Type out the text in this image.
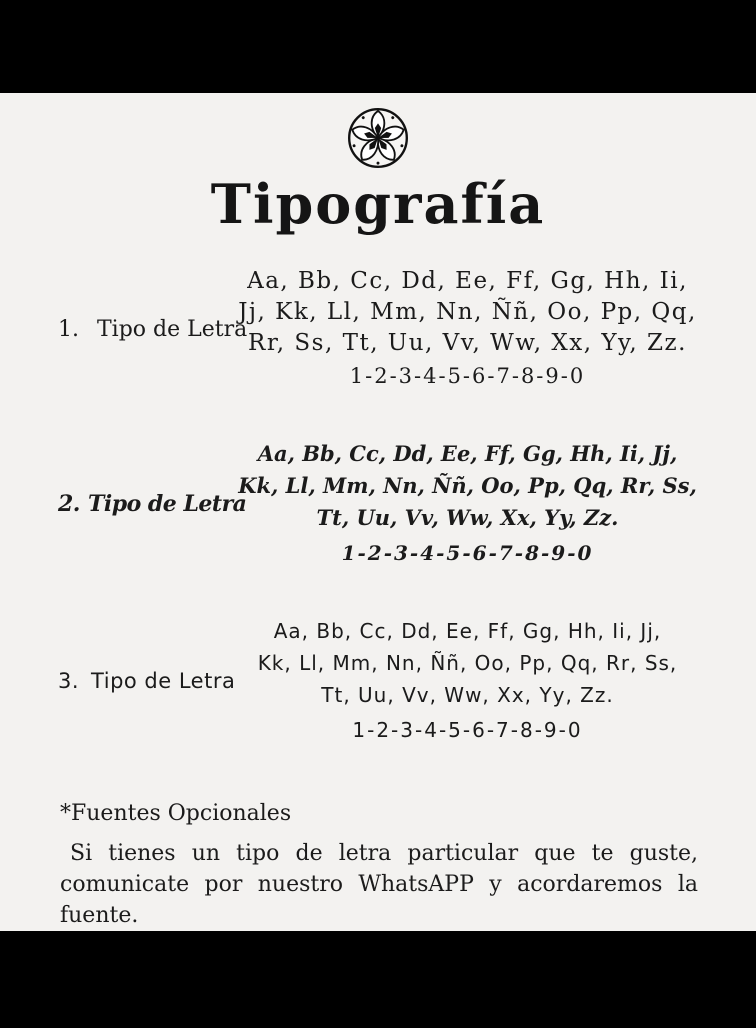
Tipografía
1. Tipo de Letra
Aa, Bb, Cc, Dd, Ee, Ff, Gg, Hh, Ii,
Jj, Kk, Ll, Mm, Nn, Ññ, Oo, Pp, Qq,
Rr, Ss, Tt, Uu, Vv, Ww, Xx, Yy, Zz.
1-2-3-4-5-6-7-8-9-0
2. Tipo de Letra
Aa, Bb, Cc, Dd, Ee, Ff, Gg, Hh, Ii, Jj,
Kk, Ll, Mm, Nn, Ññ, Oo, Pp, Qq, Rr, Ss,
Tt, Uu, Vv, Ww, Xx, Yy, Zz.
1-2-3-4-5-6-7-8-9-0
3. Tipo de Letra
Aa, Bb, Cc, Dd, Ee, Ff, Gg, Hh, Ii, Jj,
Kk, Ll, Mm, Nn, Ññ, Oo, Pp, Qq, Rr, Ss,
Tt, Uu, Vv, Ww, Xx, Yy, Zz.
1-2-3-4-5-6-7-8-9-0

*Fuentes Opcionales

Si tienes un tipo de letra particular que te guste, comunicate por nuestro WhatsAPP y acordaremos la fuente.
